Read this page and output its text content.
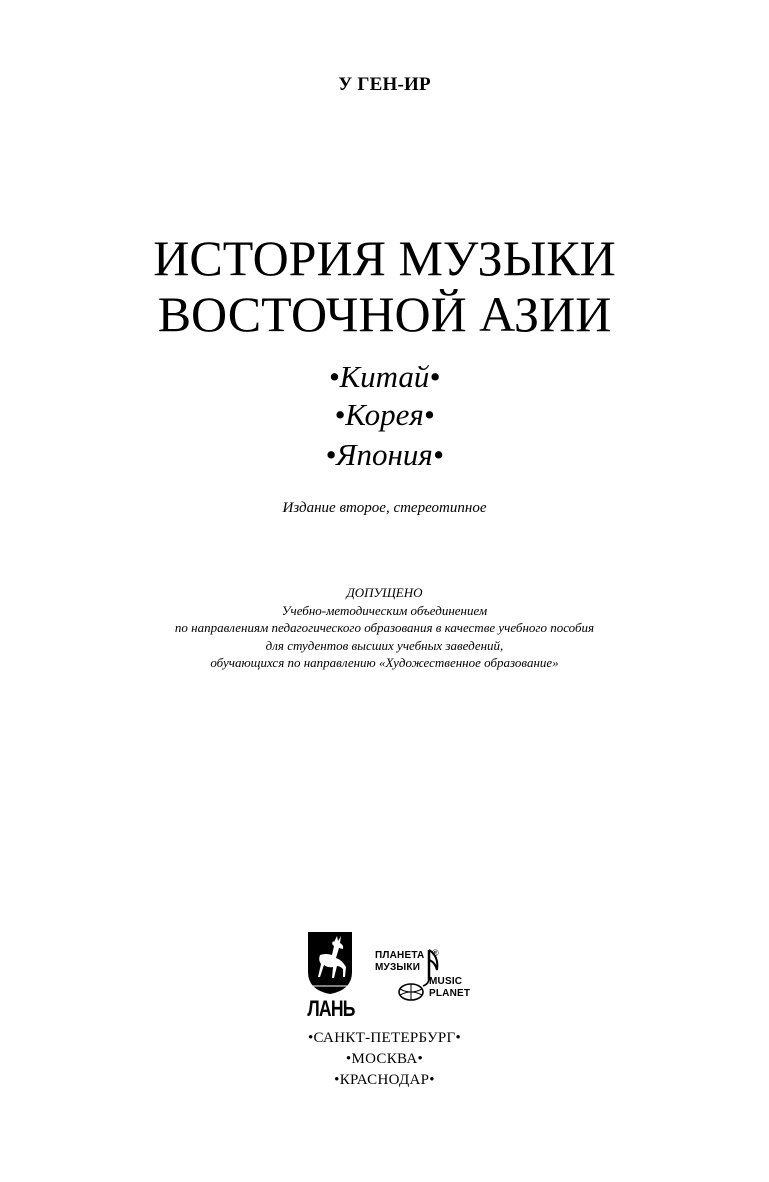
У ГЕН-ИР
ИСТОРИЯ МУЗЫКИ
ВОСТОЧНОЙ АЗИИ
•Китай•
•Корея•
•Япония•
Издание второе, стереотипное
ДОПУЩЕНО
Учебно-методическим объединением
по направлениям педагогического образования в качестве учебного пособия
для студентов высших учебных заведений,
обучающихся по направлению «Художественное образование»
ЛАНЬ
ПЛАНЕТА
МУЗЫКИ
®
MUSIC
PLANET
•САНКТ-ПЕТЕРБУРГ•
•МОСКВА•
•КРАСНОДАР•
